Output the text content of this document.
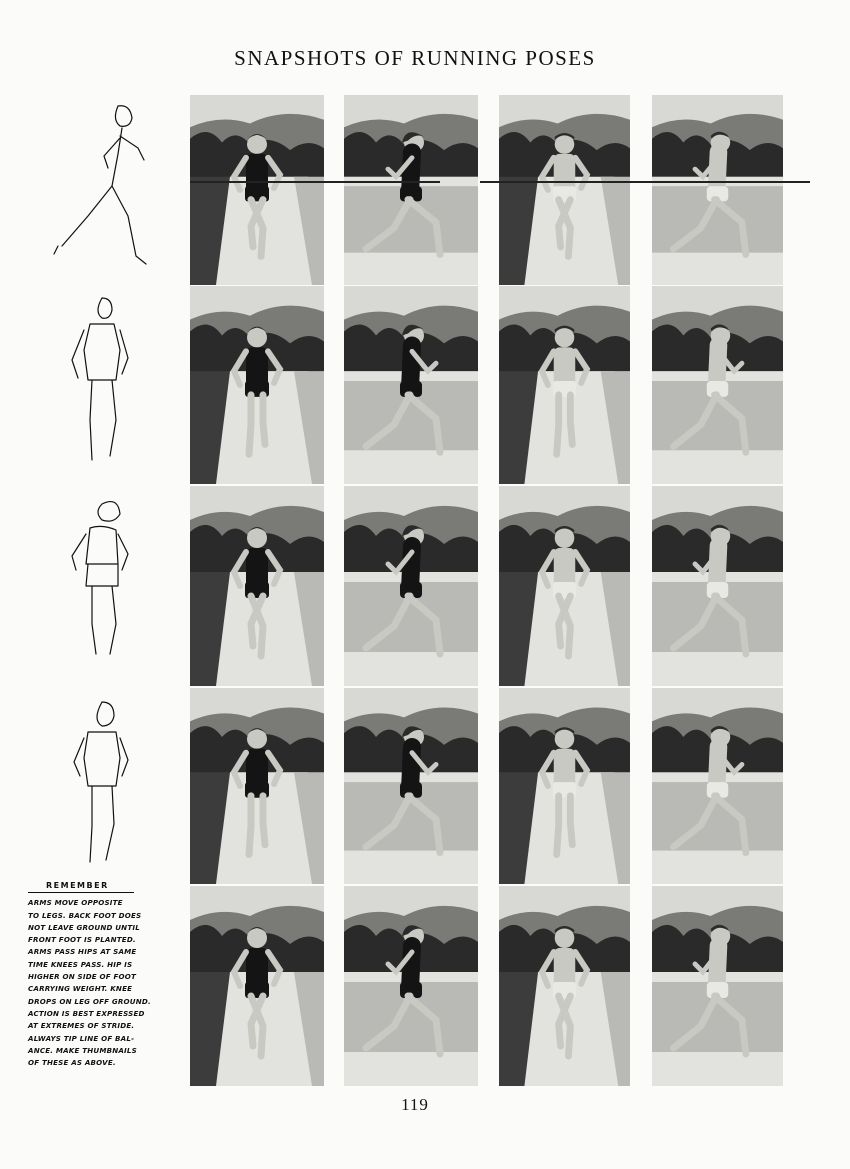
SNAPSHOTS OF RUNNING POSES
REMEMBER
ARMS MOVE OPPOSITE
TO LEGS. BACK FOOT DOES
NOT LEAVE GROUND UNTIL
FRONT FOOT IS PLANTED.
ARMS PASS HIPS AT SAME
TIME KNEES PASS. HIP IS
HIGHER ON SIDE OF FOOT
CARRYING WEIGHT. KNEE
DROPS ON LEG OFF GROUND.
ACTION IS BEST EXPRESSED
AT EXTREMES OF STRIDE.
ALWAYS TIP LINE OF BAL-
ANCE. MAKE THUMBNAILS
OF THESE AS ABOVE.
119
